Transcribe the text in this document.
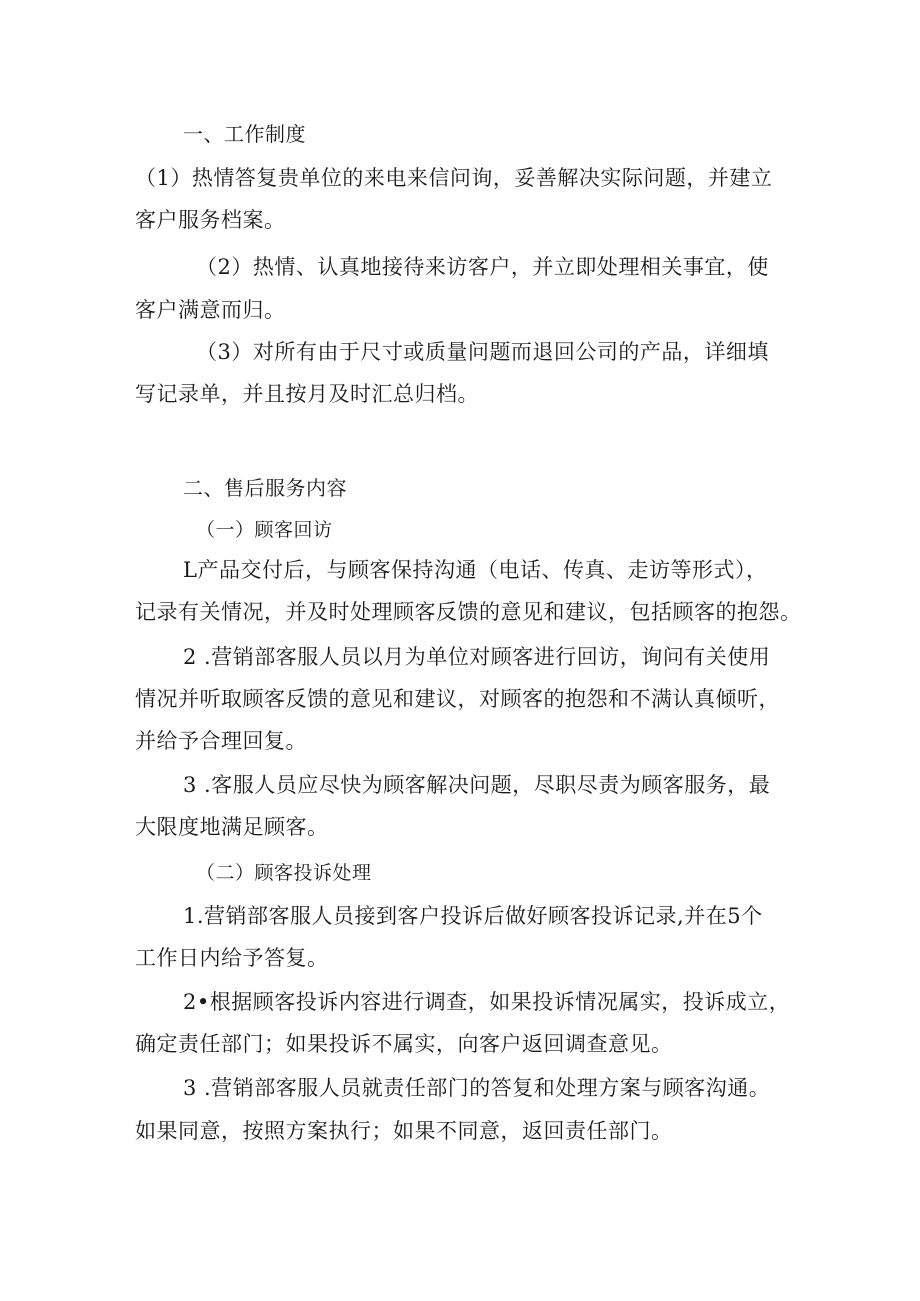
一、工作制度
（1）热情答复贵单位的来电来信问询，妥善解决实际问题，并建立
客户服务档案。
（2）热情、认真地接待来访客户，并立即处理相关事宜，使
客户满意而归。
（3）对所有由于尺寸或质量问题而退回公司的产品，详细填
写记录单，并且按月及时汇总归档。
二、售后服务内容
（一）顾客回访
L产品交付后，与顾客保持沟通（电话、传真、走访等形式），
记录有关情况，并及时处理顾客反馈的意见和建议，包括顾客的抱怨。
2 .营销部客服人员以月为单位对顾客进行回访，询问有关使用
情况并听取顾客反馈的意见和建议，对顾客的抱怨和不满认真倾听，
并给予合理回复。
3 .客服人员应尽快为顾客解决问题，尽职尽责为顾客服务，最
大限度地满足顾客。
（二）顾客投诉处理
1.营销部客服人员接到客户投诉后做好顾客投诉记录,并在5个
工作日内给予答复。
2•根据顾客投诉内容进行调查，如果投诉情况属实，投诉成立，
确定责任部门；如果投诉不属实，向客户返回调查意见。
3 .营销部客服人员就责任部门的答复和处理方案与顾客沟通。
如果同意，按照方案执行；如果不同意，返回责任部门。
